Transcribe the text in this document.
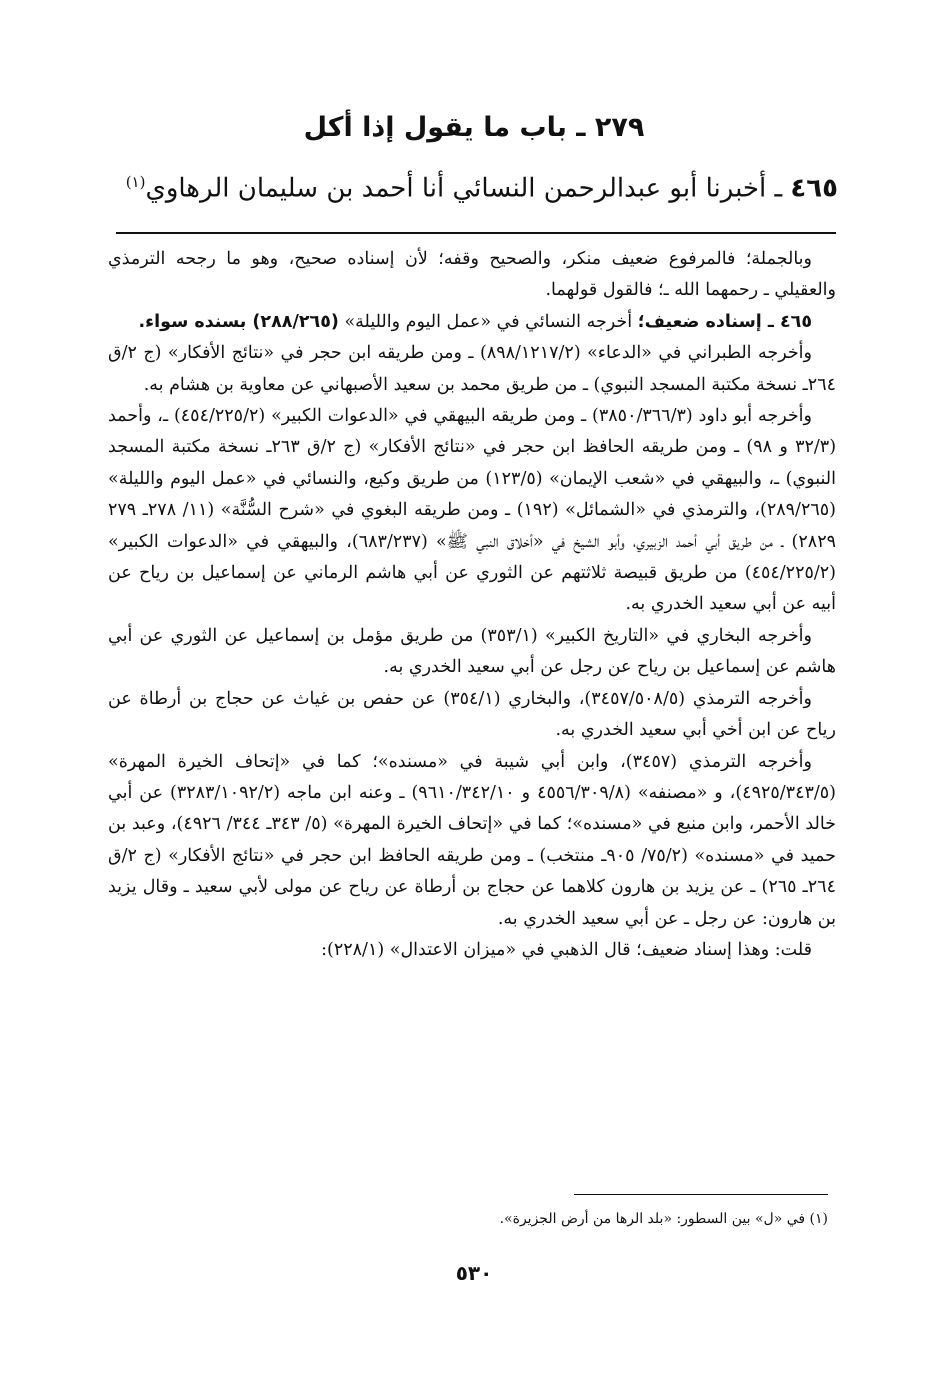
٢٧٩ ـ باب ما يقول إذا أكل
٤٦٥ ـ أخبرنا أبو عبدالرحمن النسائي أنا أحمد بن سليمان الرهاوي$^{(١)}$

وبالجملة؛ فالمرفوع ضعيف منكر، والصحيح وقفه؛ لأن إسناده صحيح، وهو ما رجحه الترمذي والعقيلي ـ رحمهما الله ـ؛ فالقول قولهما.

٤٦٥ ـ إسناده ضعيف؛ أخرجه النسائي في «عمل اليوم والليلة» (٢٨٨/٢٦٥) بسنده سواء.

وأخرجه الطبراني في «الدعاء» (٨٩٨/١٢١٧/٢) ـ ومن طريقه ابن حجر في «نتائج الأفكار» (ج ٢/ق ٢٦٤ـ نسخة مكتبة المسجد النبوي) ـ من طريق محمد بن سعيد الأصبهاني عن معاوية بن هشام به.

وأخرجه أبو داود (٣٨٥٠/٣٦٦/٣) ـ ومن طريقه البيهقي في «الدعوات الكبير» (٤٥٤/٢٢٥/٢) ـ، وأحمد (٣٢/٣ و ٩٨) ـ ومن طريقه الحافظ ابن حجر في «نتائج الأفكار» (ج ٢/ق ٢٦٣ـ نسخة مكتبة المسجد النبوي) ـ، والبيهقي في «شعب الإيمان» (١٢٣/٥) من طريق وكيع، والنسائي في «عمل اليوم والليلة» (٢٨٩/٢٦٥)، والترمذي في «الشمائل» (١٩٢) ـ ومن طريقه البغوي في «شرح السُّنَّة» (١١/ ٢٧٨ـ ٢٧٩ ٢٨٢٩) ـ من طريق أبي أحمد الزبيري، وأبو الشيخ في «أخلاق النبي ﷺ» (٦٨٣/٢٣٧)، والبيهقي في «الدعوات الكبير» (٤٥٤/٢٢٥/٢) من طريق قبيصة ثلاثتهم عن الثوري عن أبي هاشم الرماني عن إسماعيل بن رياح عن أبيه عن أبي سعيد الخدري به.

وأخرجه البخاري في «التاريخ الكبير» (٣٥٣/١) من طريق مؤمل بن إسماعيل عن الثوري عن أبي هاشم عن إسماعيل بن رياح عن رجل عن أبي سعيد الخدري به.

وأخرجه الترمذي (٣٤٥٧/٥٠٨/٥)، والبخاري (٣٥٤/١) عن حفص بن غياث عن حجاج بن أرطاة عن رياح عن ابن أخي أبي سعيد الخدري به.

وأخرجه الترمذي (٣٤٥٧)، وابن أبي شيبة في «مسنده»؛ كما في «إتحاف الخيرة المهرة» (٤٩٢٥/٣٤٣/٥)، و «مصنفه» (٤٥٥٦/٣٠٩/٨ و ٩٦١٠/٣٤٢/١٠) ـ وعنه ابن ماجه (٣٢٨٣/١٠٩٢/٢) عن أبي خالد الأحمر، وابن منيع في «مسنده»؛ كما في «إتحاف الخيرة المهرة» (٥/ ٣٤٣ـ ٣٤٤/ ٤٩٢٦)، وعبد بن حميد في «مسنده» (٧٥/٢/ ٩٠٥ـ منتخب) ـ ومن طريقه الحافظ ابن حجر في «نتائج الأفكار» (ج ٢/ق ٢٦٤ـ ٢٦٥) ـ عن يزيد بن هارون كلاهما عن حجاج بن أرطاة عن رياح عن مولى لأبي سعيد ـ وقال يزيد بن هارون: عن رجل ـ عن أبي سعيد الخدري به.

قلت: وهذا إسناد ضعيف؛ قال الذهبي في «ميزان الاعتدال» (٢٢٨/١):

(١) في «ل» بين السطور: «بلد الرها من أرض الجزيرة».
٥٣٠
